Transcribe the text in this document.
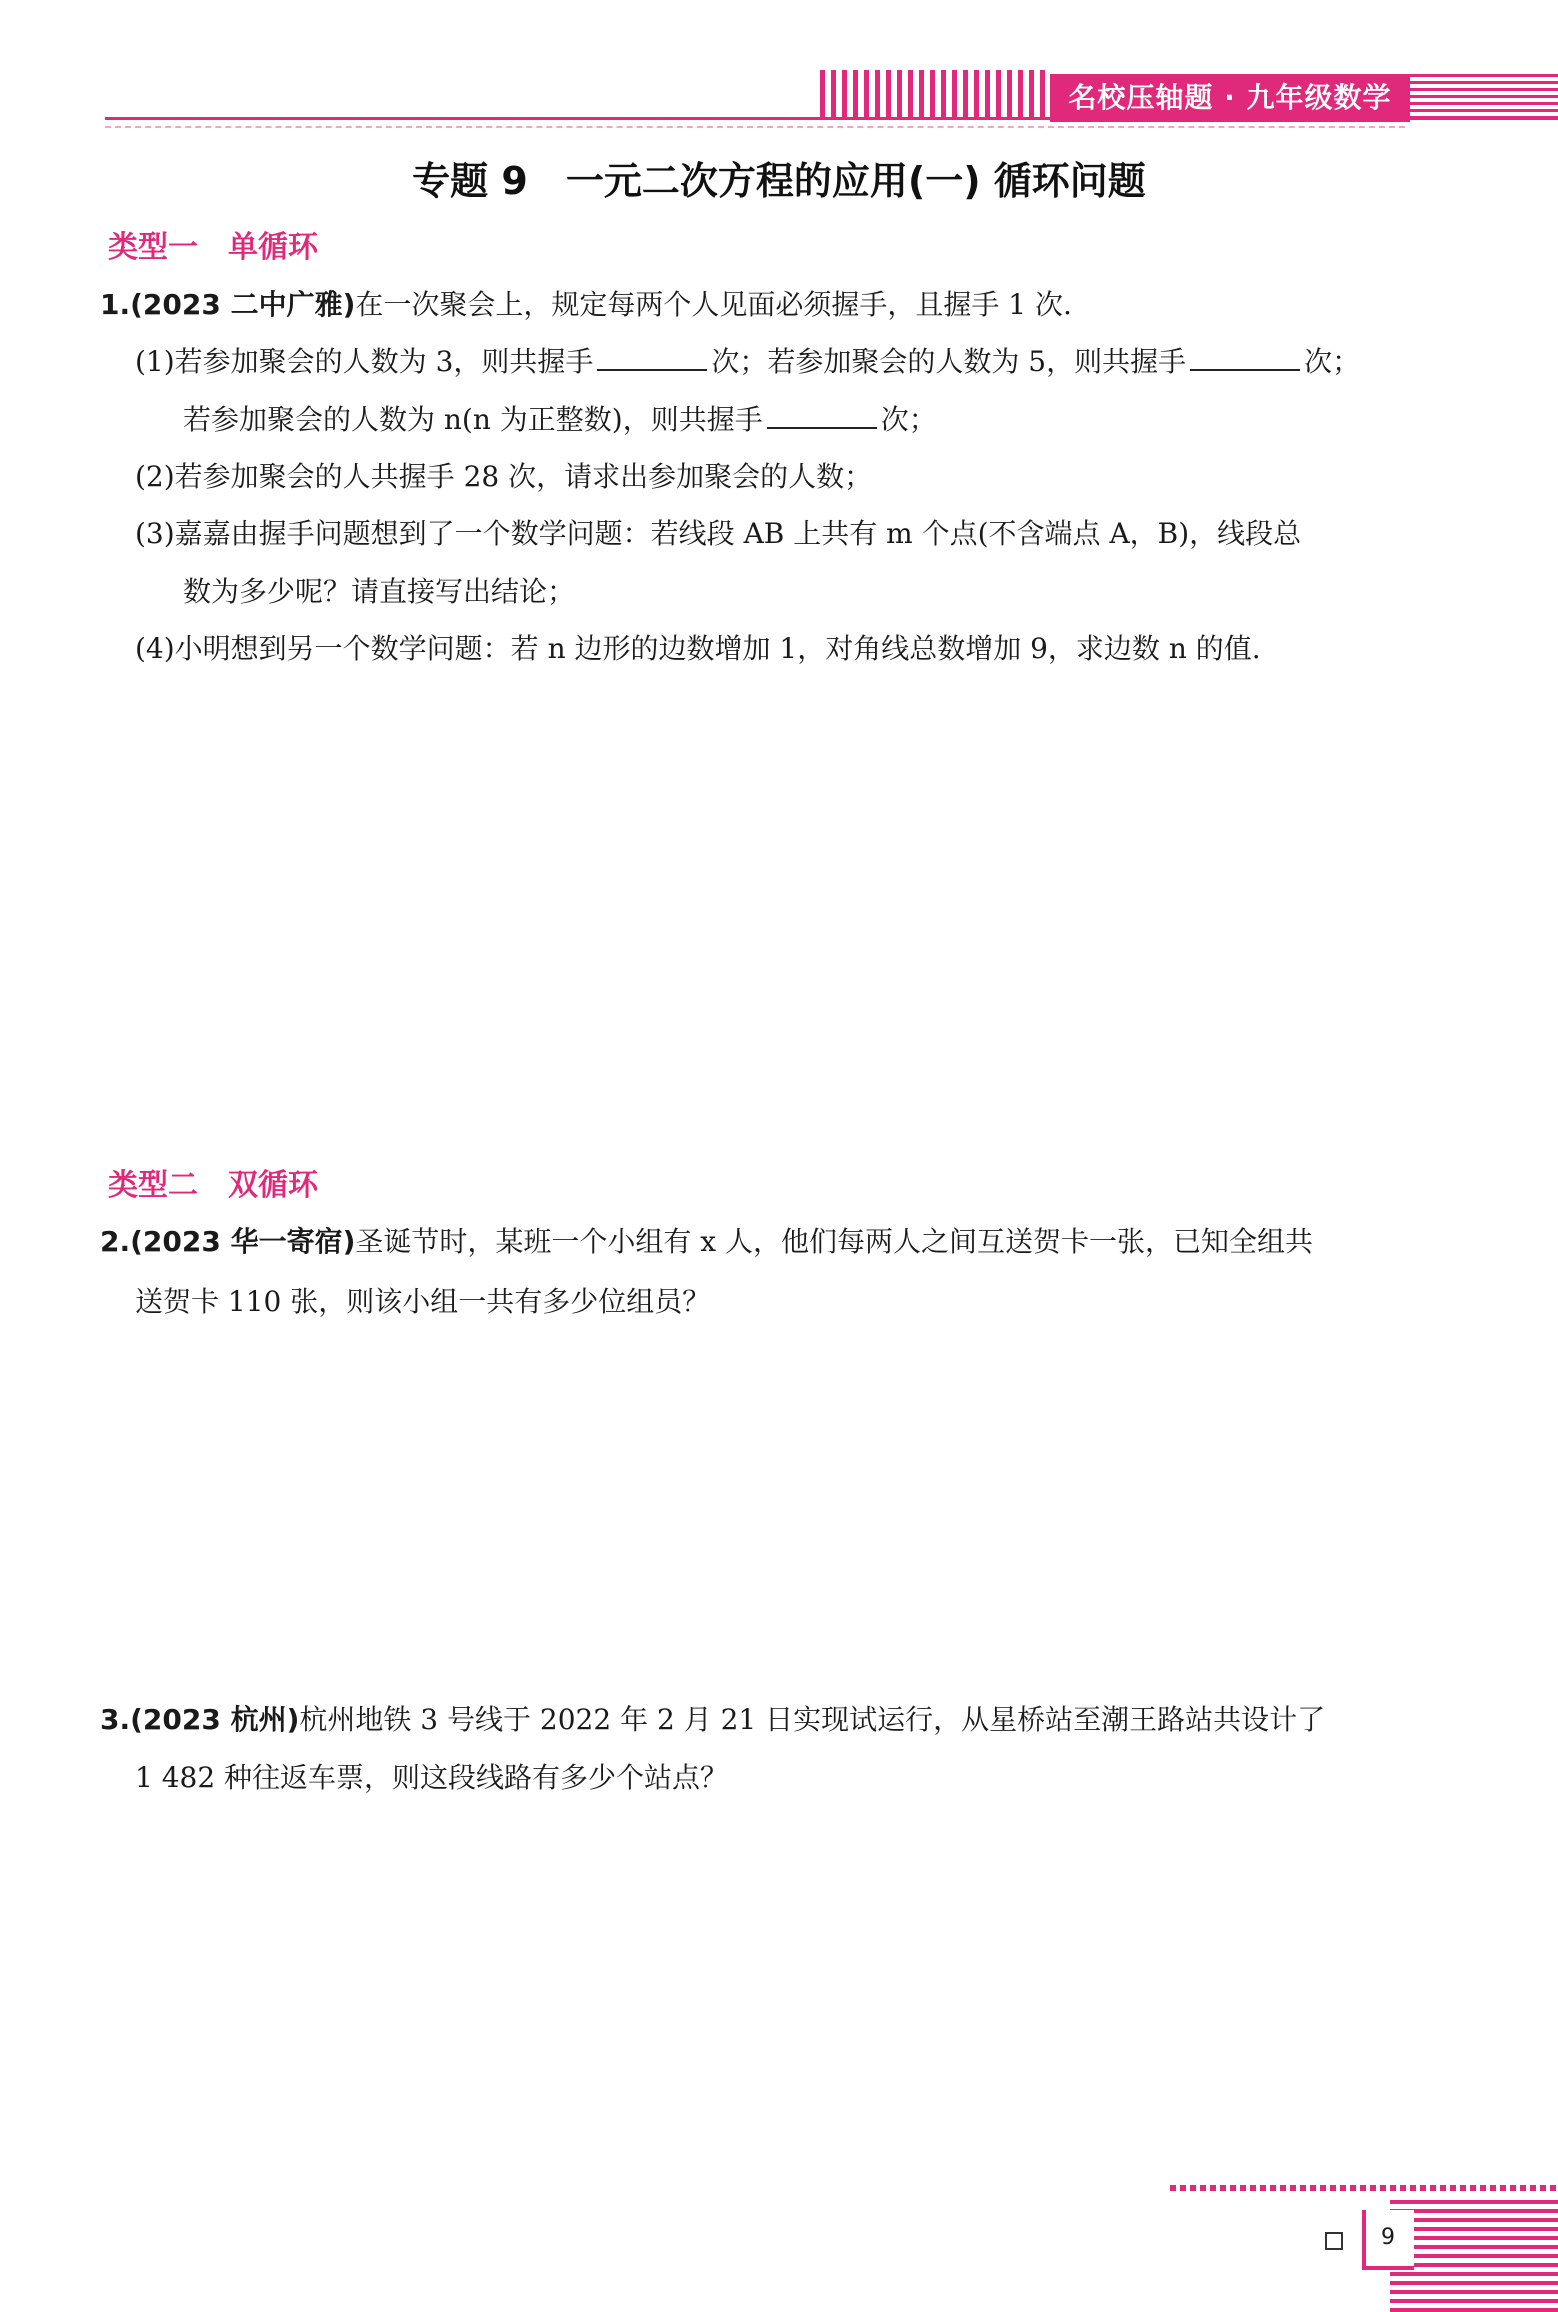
名校压轴题 · 九年级数学
专题 9　一元二次方程的应用(一) 循环问题
类型一　单循环
1.(2023 二中广雅)在一次聚会上，规定每两个人见面必须握手，且握手 1 次.
(1)若参加聚会的人数为 3，则共握手	次；若参加聚会的人数为 5，则共握手	次；
若参加聚会的人数为 n(n 为正整数)，则共握手	次；
(2)若参加聚会的人共握手 28 次，请求出参加聚会的人数；
(3)嘉嘉由握手问题想到了一个数学问题：若线段 AB 上共有 m 个点(不含端点 A，B)，线段总
数为多少呢？请直接写出结论；
(4)小明想到另一个数学问题：若 n 边形的边数增加 1，对角线总数增加 9，求边数 n 的值.
类型二　双循环
2.(2023 华一寄宿)圣诞节时，某班一个小组有 x 人，他们每两人之间互送贺卡一张，已知全组共
送贺卡 110 张，则该小组一共有多少位组员？
3.(2023 杭州)杭州地铁 3 号线于 2022 年 2 月 21 日实现试运行，从星桥站至潮王路站共设计了
1 482 种往返车票，则这段线路有多少个站点？
9
